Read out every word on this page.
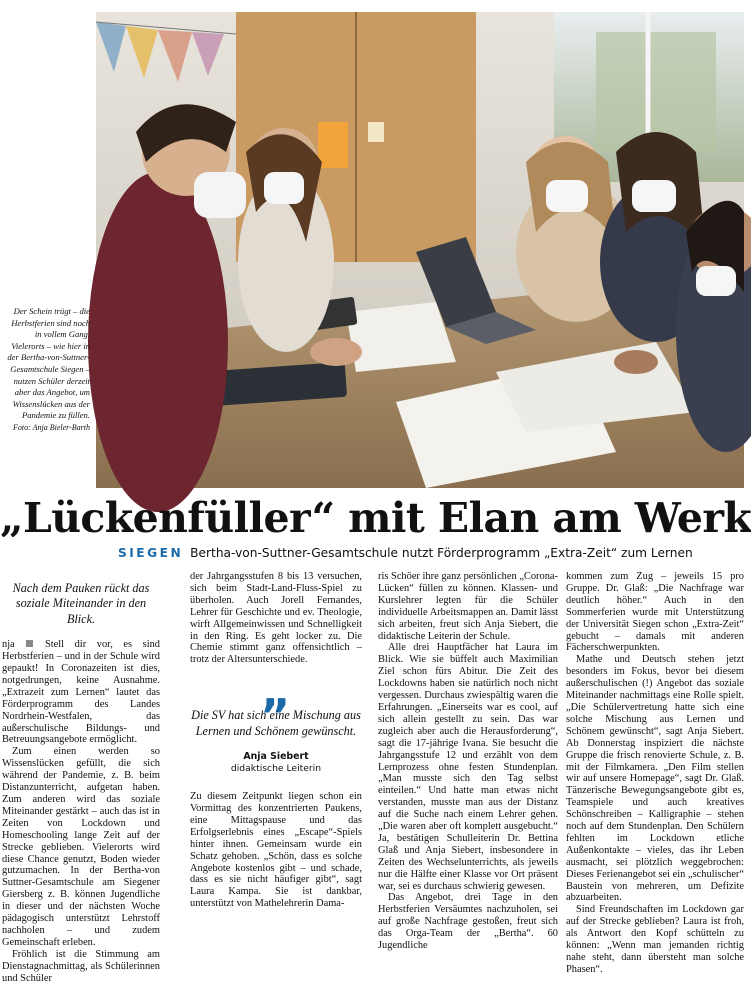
Der Schein trügt – die Herbstferien sind noch in vollem Gang. Vielerorts – wie hier in der Bertha-von-Suttner-Gesamtschule Siegen – nutzen Schüler derzeit aber das Angebot, um Wissenslücken aus der Pandemie zu füllen.
Foto: Anja Bieler-Barth
„Lückenfüller“ mit Elan am Werk
SIEGEN Bertha-von-Suttner-Gesamtschule nutzt Förderprogramm „Extra-Zeit“ zum Lernen
Nach dem Pauken rückt das soziale Miteinander in den Blick.

nja	Stell dir vor, es sind Herbstferien – und in der Schule wird gepaukt! In Coronazeiten ist dies, notgedrungen, keine Ausnahme. „Extrazeit zum Lernen“ lautet das Förderprogramm des Landes Nordrhein-Westfalen, das außerschulische Bildungs- und Betreuungsangebote ermöglicht.

Zum einen werden so Wissenslücken gefüllt, die sich während der Pandemie, z. B. beim Distanzunterricht, aufgetan haben. Zum anderen wird das soziale Miteinander gestärkt – auch das ist in Zeiten von Lockdown und Homeschooling lange Zeit auf der Strecke geblieben. Vielerorts wird diese Chance genutzt, Boden wieder gutzumachen. In der Bertha-von Suttner-Gesamtschule am Siegener Giersberg z. B. können Jugendliche in dieser und der nächsten Woche pädagogisch unterstützt Lehrstoff nachholen – und zudem Gemeinschaft erleben.

Fröhlich ist die Stimmung am Dienstagnachmittag, als Schülerinnen und Schüler

der Jahrgangsstufen 8 bis 13 versuchen, sich beim Stadt-Land-Fluss-Spiel zu überholen. Auch Jorell Fernandes, Lehrer für Geschichte und ev. Theologie, wirft Allgemeinwissen und Schnelligkeit in den Ring. Es geht locker zu. Die Chemie stimmt ganz offensichtlich – trotz der Altersunterschiede.

„
Die SV hat sich eine Mischung aus Lernen und Schönem gewünscht.
Anja Siebert
didaktische Leiterin

Zu diesem Zeitpunkt liegen schon ein Vormittag des konzentrierten Paukens, eine Mittagspause und das Erfolgserlebnis eines „Escape“-Spiels hinter ihnen. Gemeinsam wurde ein Schatz gehoben. „Schön, dass es solche Angebote kostenlos gibt – und schade, dass es sie nicht häufiger gibt“, sagt Laura Kampa. Sie ist dankbar, unterstützt von Mathelehrerin Dama-

ris Schöer ihre ganz persönlichen „Corona-Lücken“ füllen zu können. Klassen- und Kurslehrer legten für die Schüler individuelle Arbeitsmappen an. Damit lässt sich arbeiten, freut sich Anja Siebert, die didaktische Leiterin der Schule.

Alle drei Hauptfächer hat Laura im Blick. Wie sie büffelt auch Maximilian Ziel schon fürs Abitur. Die Zeit des Lockdowns haben sie natürlich noch nicht vergessen. Durchaus zwiespältig waren die Erfahrungen. „Einerseits war es cool, auf sich allein gestellt zu sein. Das war zugleich aber auch die Herausforderung“, sagt die 17-jährige Ivana. Sie besucht die Jahrgangsstufe 12 und erzählt von dem Lernprozess ohne festen Stundenplan. „Man musste sich den Tag selbst einteilen.“ Und hatte man etwas nicht verstanden, musste man aus der Distanz auf die Suche nach einem Lehrer gehen. „Die waren aber oft komplett ausgebucht.“ Ja, bestätigen Schulleiterin Dr. Bettina Glaß und Anja Siebert, insbesondere in Zeiten des Wechselunterrichts, als jeweils nur die Hälfte einer Klasse vor Ort präsent war, sei es durchaus schwierig gewesen.

Das Angebot, drei Tage in den Herbstferien Versäumtes nachzuholen, sei auf große Nachfrage gestoßen, freut sich das Orga-Team der „Bertha“. 60 Jugendliche

kommen zum Zug – jeweils 15 pro Gruppe. Dr. Glaß: „Die Nachfrage war deutlich höher.“ Auch in den Sommerferien wurde mit Unterstützung der Universität Siegen schon „Extra-Zeit“ gebucht – damals mit anderen Fächerschwerpunkten.

Mathe und Deutsch stehen jetzt besonders im Fokus, bevor bei diesem außerschulischen (!) Angebot das soziale Miteinander nachmittags eine Rolle spielt. „Die Schülervertretung hatte sich eine solche Mischung aus Lernen und Schönem gewünscht“, sagt Anja Siebert. Ab Donnerstag inspiziert die nächste Gruppe die frisch renovierte Schule, z. B. mit der Filmkamera. „Den Film stellen wir auf unsere Homepage“, sagt Dr. Glaß. Tänzerische Bewegungsangebote gibt es, Teamspiele und auch kreatives Schönschreiben – Kalligraphie – stehen noch auf dem Stundenplan. Den Schülern fehlten im Lockdown etliche Außenkontakte – vieles, das ihr Leben ausmacht, sei plötzlich weggebrochen: Dieses Ferienangebot sei ein „schulischer“ Baustein von mehreren, um Defizite abzuarbeiten.

Sind Freundschaften im Lockdown gar auf der Strecke geblieben? Laura ist froh, als Antwort den Kopf schütteln zu können: „Wenn man jemanden richtig nahe steht, dann übersteht man solche Phasen“.
